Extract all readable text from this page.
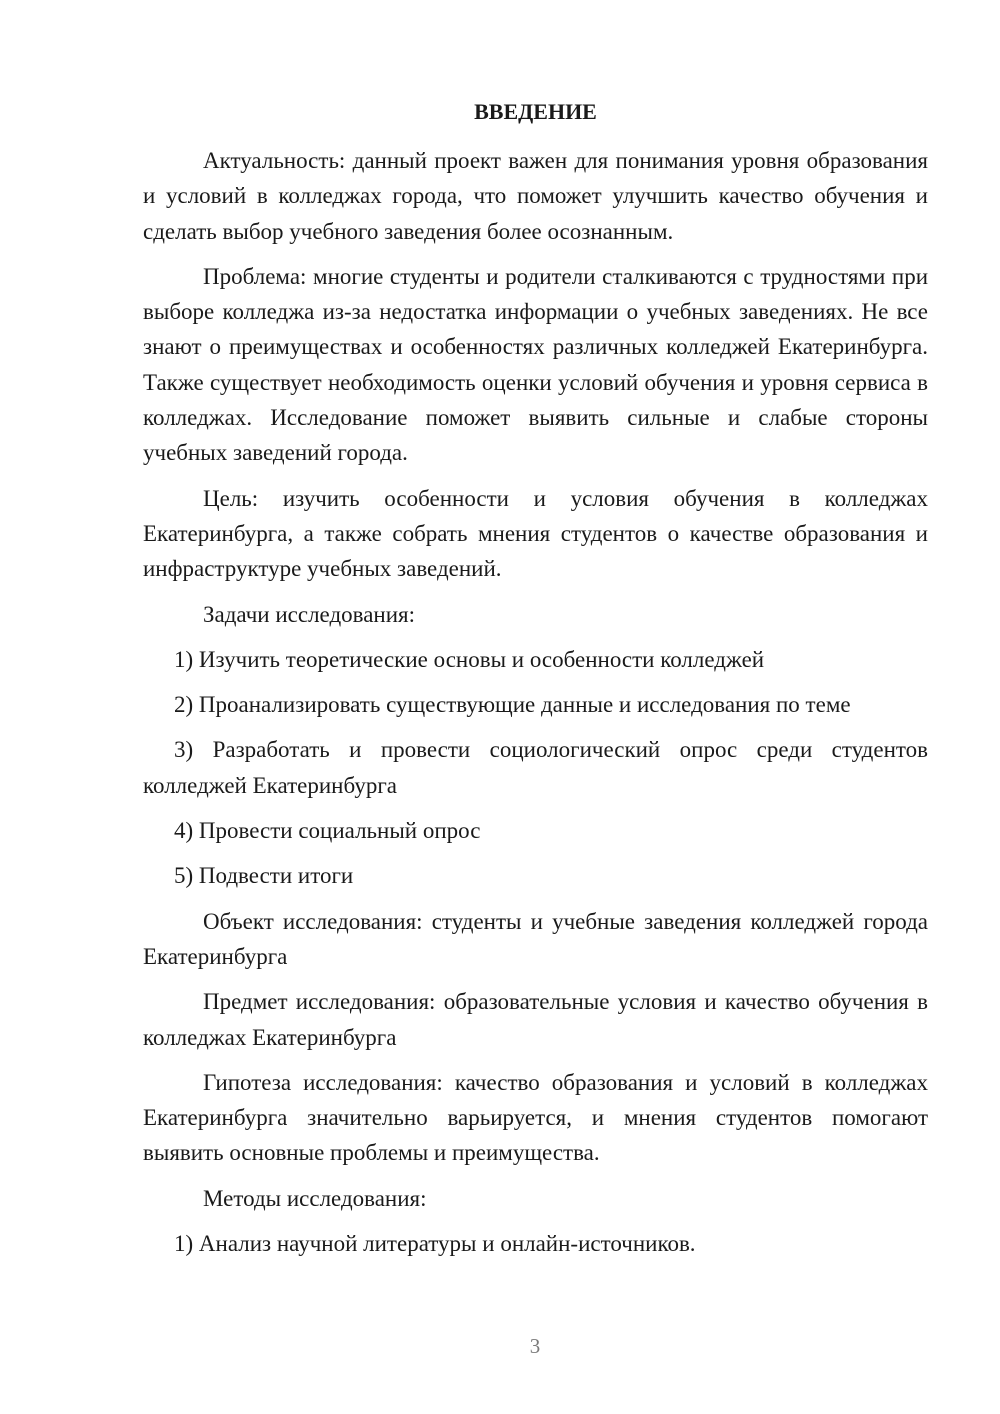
ВВЕДЕНИЕ

Актуальность: данный проект важен для понимания уровня образования и условий в колледжах города, что поможет улучшить качество обучения и сделать выбор учебного заведения более осознанным.

Проблема: многие студенты и родители сталкиваются с трудностями при выборе колледжа из-за недостатка информации о учебных заведениях. Не все знают о преимуществах и особенностях различных колледжей Екатеринбурга. Также существует необходимость оценки условий обучения и уровня сервиса в колледжах. Исследование поможет выявить сильные и слабые стороны учебных заведений города.

Цель: изучить особенности и условия обучения в колледжах Екатеринбурга, а также собрать мнения студентов о качестве образования и инфраструктуре учебных заведений.

Задачи исследования:

1) Изучить теоретические основы и особенности колледжей

2) Проанализировать существующие данные и исследования по теме

3) Разработать и провести социологический опрос среди студентов колледжей Екатеринбурга

4) Провести социальный опрос

5) Подвести итоги

Объект исследования: студенты и учебные заведения колледжей города Екатеринбурга

Предмет исследования: образовательные условия и качество обучения в колледжах Екатеринбурга

Гипотеза исследования: качество образования и условий в колледжах Екатеринбурга значительно варьируется, и мнения студентов помогают выявить основные проблемы и преимущества.

Методы исследования:

1) Анализ научной литературы и онлайн-источников.

3
